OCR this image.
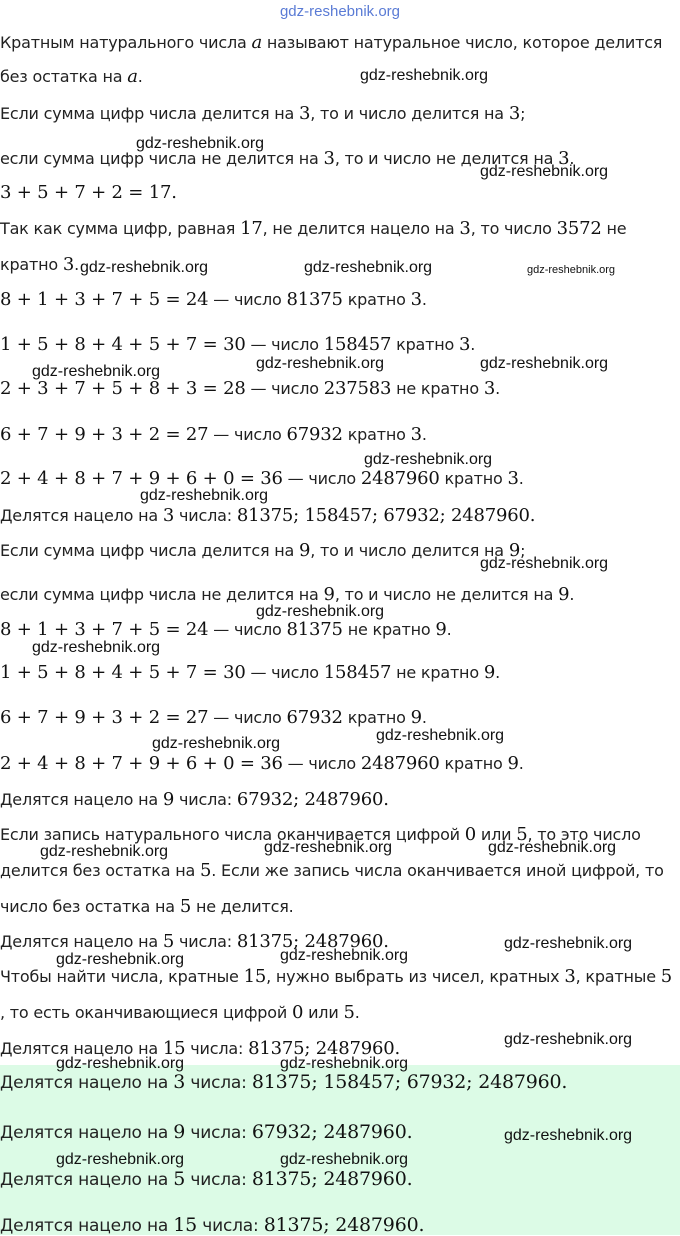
gdz-reshebnik.org
Кратным натурального числа a называют натуральное число, которое делится
без остатка на a.
Если сумма цифр числа делится на 3, то и число делится на 3;
если сумма цифр числа не делится на 3, то и число не делится на 3.
3 + 5 + 7 + 2 = 17.
Так как сумма цифр, равная 17, не делится нацело на 3, то число 3572 не
кратно 3.
8 + 1 + 3 + 7 + 5 = 24 — число 81375 кратно 3.
1 + 5 + 8 + 4 + 5 + 7 = 30 — число 158457 кратно 3.
2 + 3 + 7 + 5 + 8 + 3 = 28 — число 237583 не кратно 3.
6 + 7 + 9 + 3 + 2 = 27 — число 67932 кратно 3.
2 + 4 + 8 + 7 + 9 + 6 + 0 = 36 — число 2487960 кратно 3.
Делятся нацело на 3 числа: 81375; 158457; 67932; 2487960.
Если сумма цифр числа делится на 9, то и число делится на 9;
если сумма цифр числа не делится на 9, то и число не делится на 9.
8 + 1 + 3 + 7 + 5 = 24 — число 81375 не кратно 9.
1 + 5 + 8 + 4 + 5 + 7 = 30 — число 158457 не кратно 9.
6 + 7 + 9 + 3 + 2 = 27 — число 67932 кратно 9.
2 + 4 + 8 + 7 + 9 + 6 + 0 = 36 — число 2487960 кратно 9.
Делятся нацело на 9 числа: 67932; 2487960.
Если запись натурального числа оканчивается цифрой 0 или 5, то это число
делится без остатка на 5. Если же запись числа оканчивается иной цифрой, то
число без остатка на 5 не делится.
Делятся нацело на 5 числа: 81375; 2487960.
Чтобы найти числа, кратные 15, нужно выбрать из чисел, кратных 3, кратные 5
, то есть оканчивающиеся цифрой 0 или 5.
Делятся нацело на 15 числа: 81375; 2487960.
Делятся нацело на 3 числа: 81375; 158457; 67932; 2487960.
Делятся нацело на 9 числа: 67932; 2487960.
Делятся нацело на 5 числа: 81375; 2487960.
Делятся нацело на 15 числа: 81375; 2487960.
gdz-reshebnik.org
gdz-reshebnik.org
gdz-reshebnik.org
gdz-reshebnik.org	gdz-reshebnik.org	gdz-reshebnik.org
gdz-reshebnik.org	gdz-reshebnik.org
gdz-reshebnik.org
gdz-reshebnik.org
gdz-reshebnik.org
gdz-reshebnik.org
gdz-reshebnik.org
gdz-reshebnik.org
gdz-reshebnik.org
gdz-reshebnik.org
gdz-reshebnik.org	gdz-reshebnik.org
gdz-reshebnik.org
gdz-reshebnik.org
gdz-reshebnik.org
gdz-reshebnik.org
gdz-reshebnik.org
gdz-reshebnik.org
gdz-reshebnik.org
gdz-reshebnik.org
gdz-reshebnik.org	gdz-reshebnik.org
